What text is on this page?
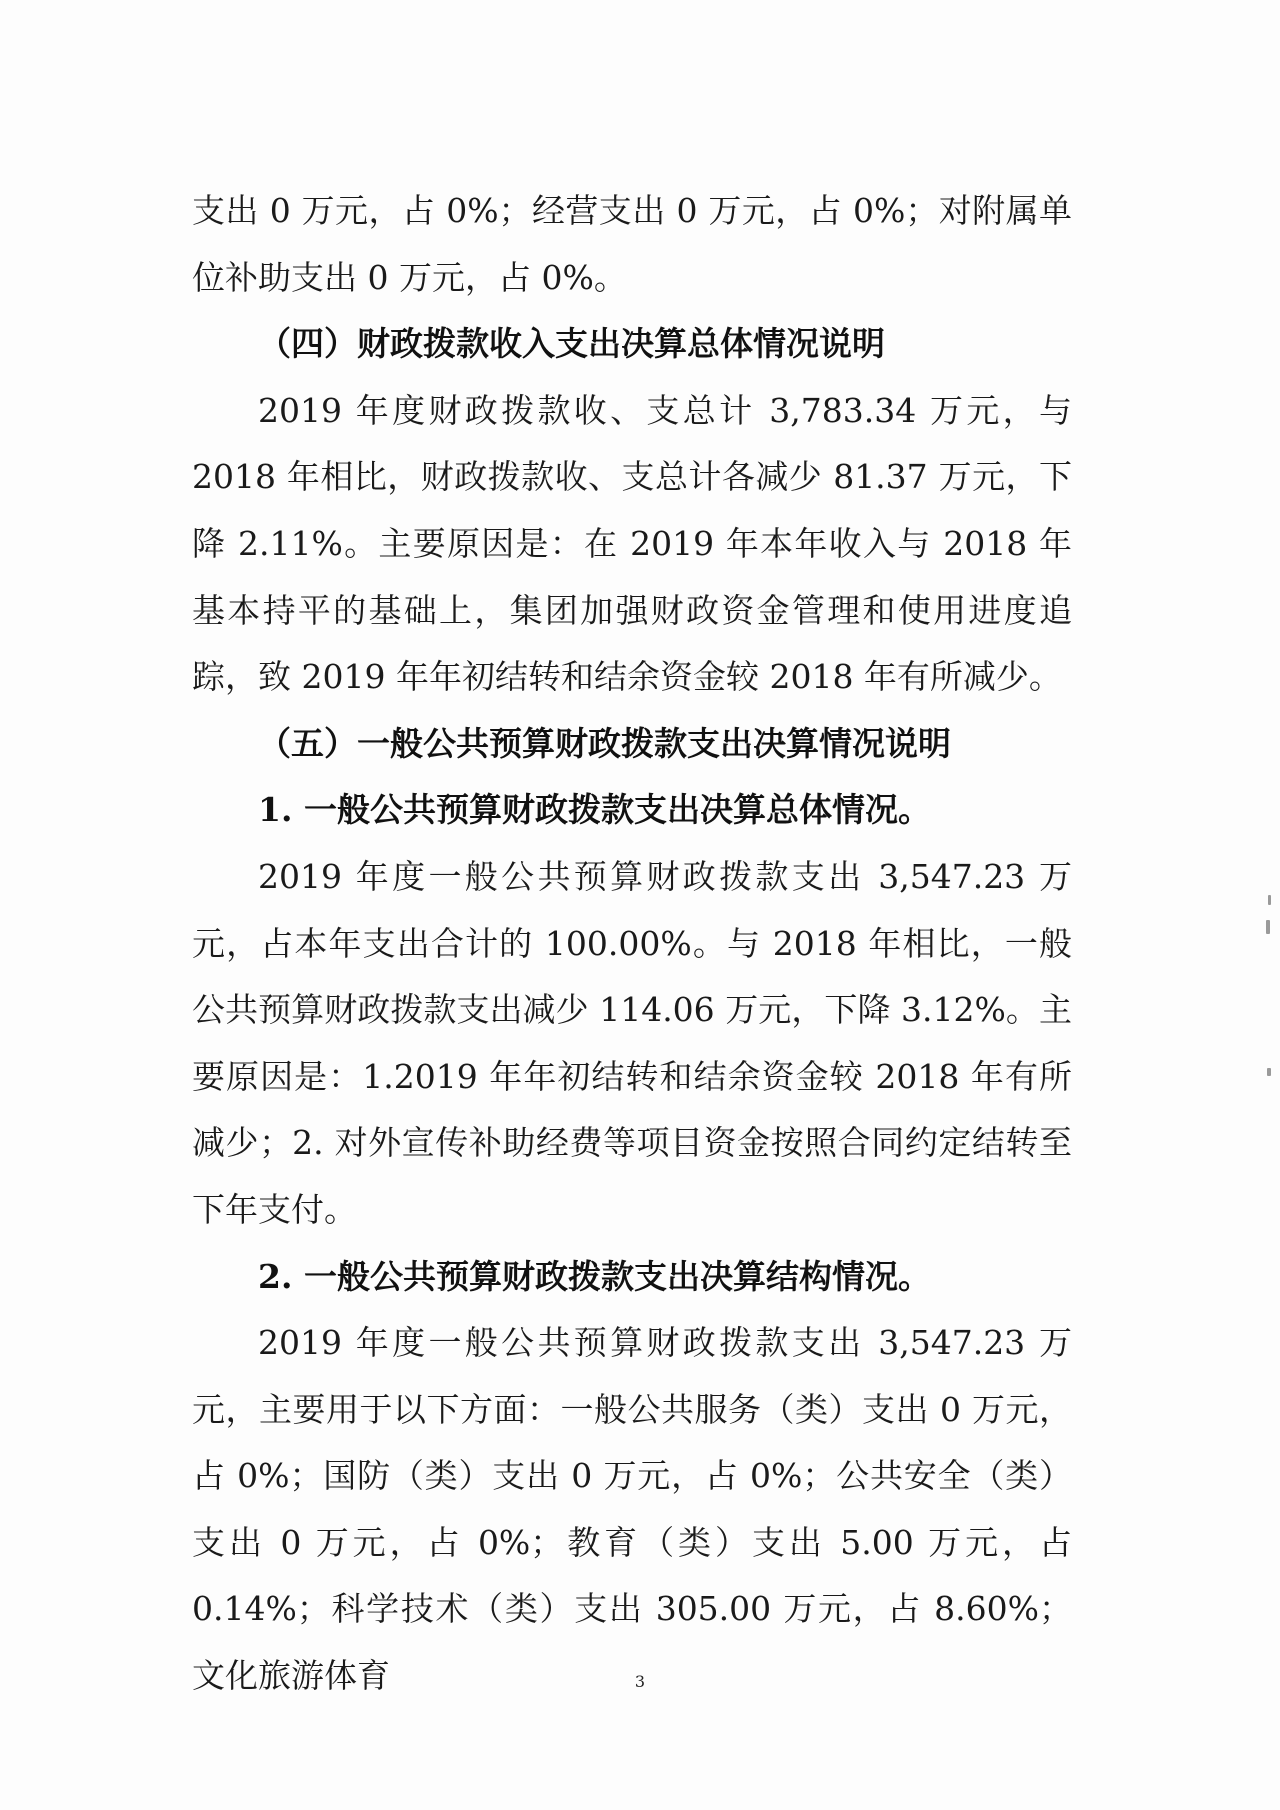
支出 0 万元，占 0%；经营支出 0 万元，占 0%；对附属单位补助支出 0 万元，占 0%。

（四）财政拨款收入支出决算总体情况说明

2019 年度财政拨款收、支总计 3,783.34 万元，与 2018 年相比，财政拨款收、支总计各减少 81.37 万元，下降 2.11%。主要原因是：在 2019 年本年收入与 2018 年基本持平的基础上，集团加强财政资金管理和使用进度追踪，致 2019 年年初结转和结余资金较 2018 年有所减少。

（五）一般公共预算财政拨款支出决算情况说明

1. 一般公共预算财政拨款支出决算总体情况。

2019 年度一般公共预算财政拨款支出 3,547.23 万元，占本年支出合计的 100.00%。与 2018 年相比，一般公共预算财政拨款支出减少 114.06 万元，下降 3.12%。主要原因是：1.2019 年年初结转和结余资金较 2018 年有所减少；2. 对外宣传补助经费等项目资金按照合同约定结转至下年支付。

2. 一般公共预算财政拨款支出决算结构情况。

2019 年度一般公共预算财政拨款支出 3,547.23 万元，主要用于以下方面：一般公共服务（类）支出 0 万元，占 0%；国防（类）支出 0 万元，占 0%；公共安全（类）支出 0 万元，占 0%；教育（类）支出 5.00 万元，占 0.14%；科学技术（类）支出 305.00 万元，占 8.60%；文化旅游体育	3
